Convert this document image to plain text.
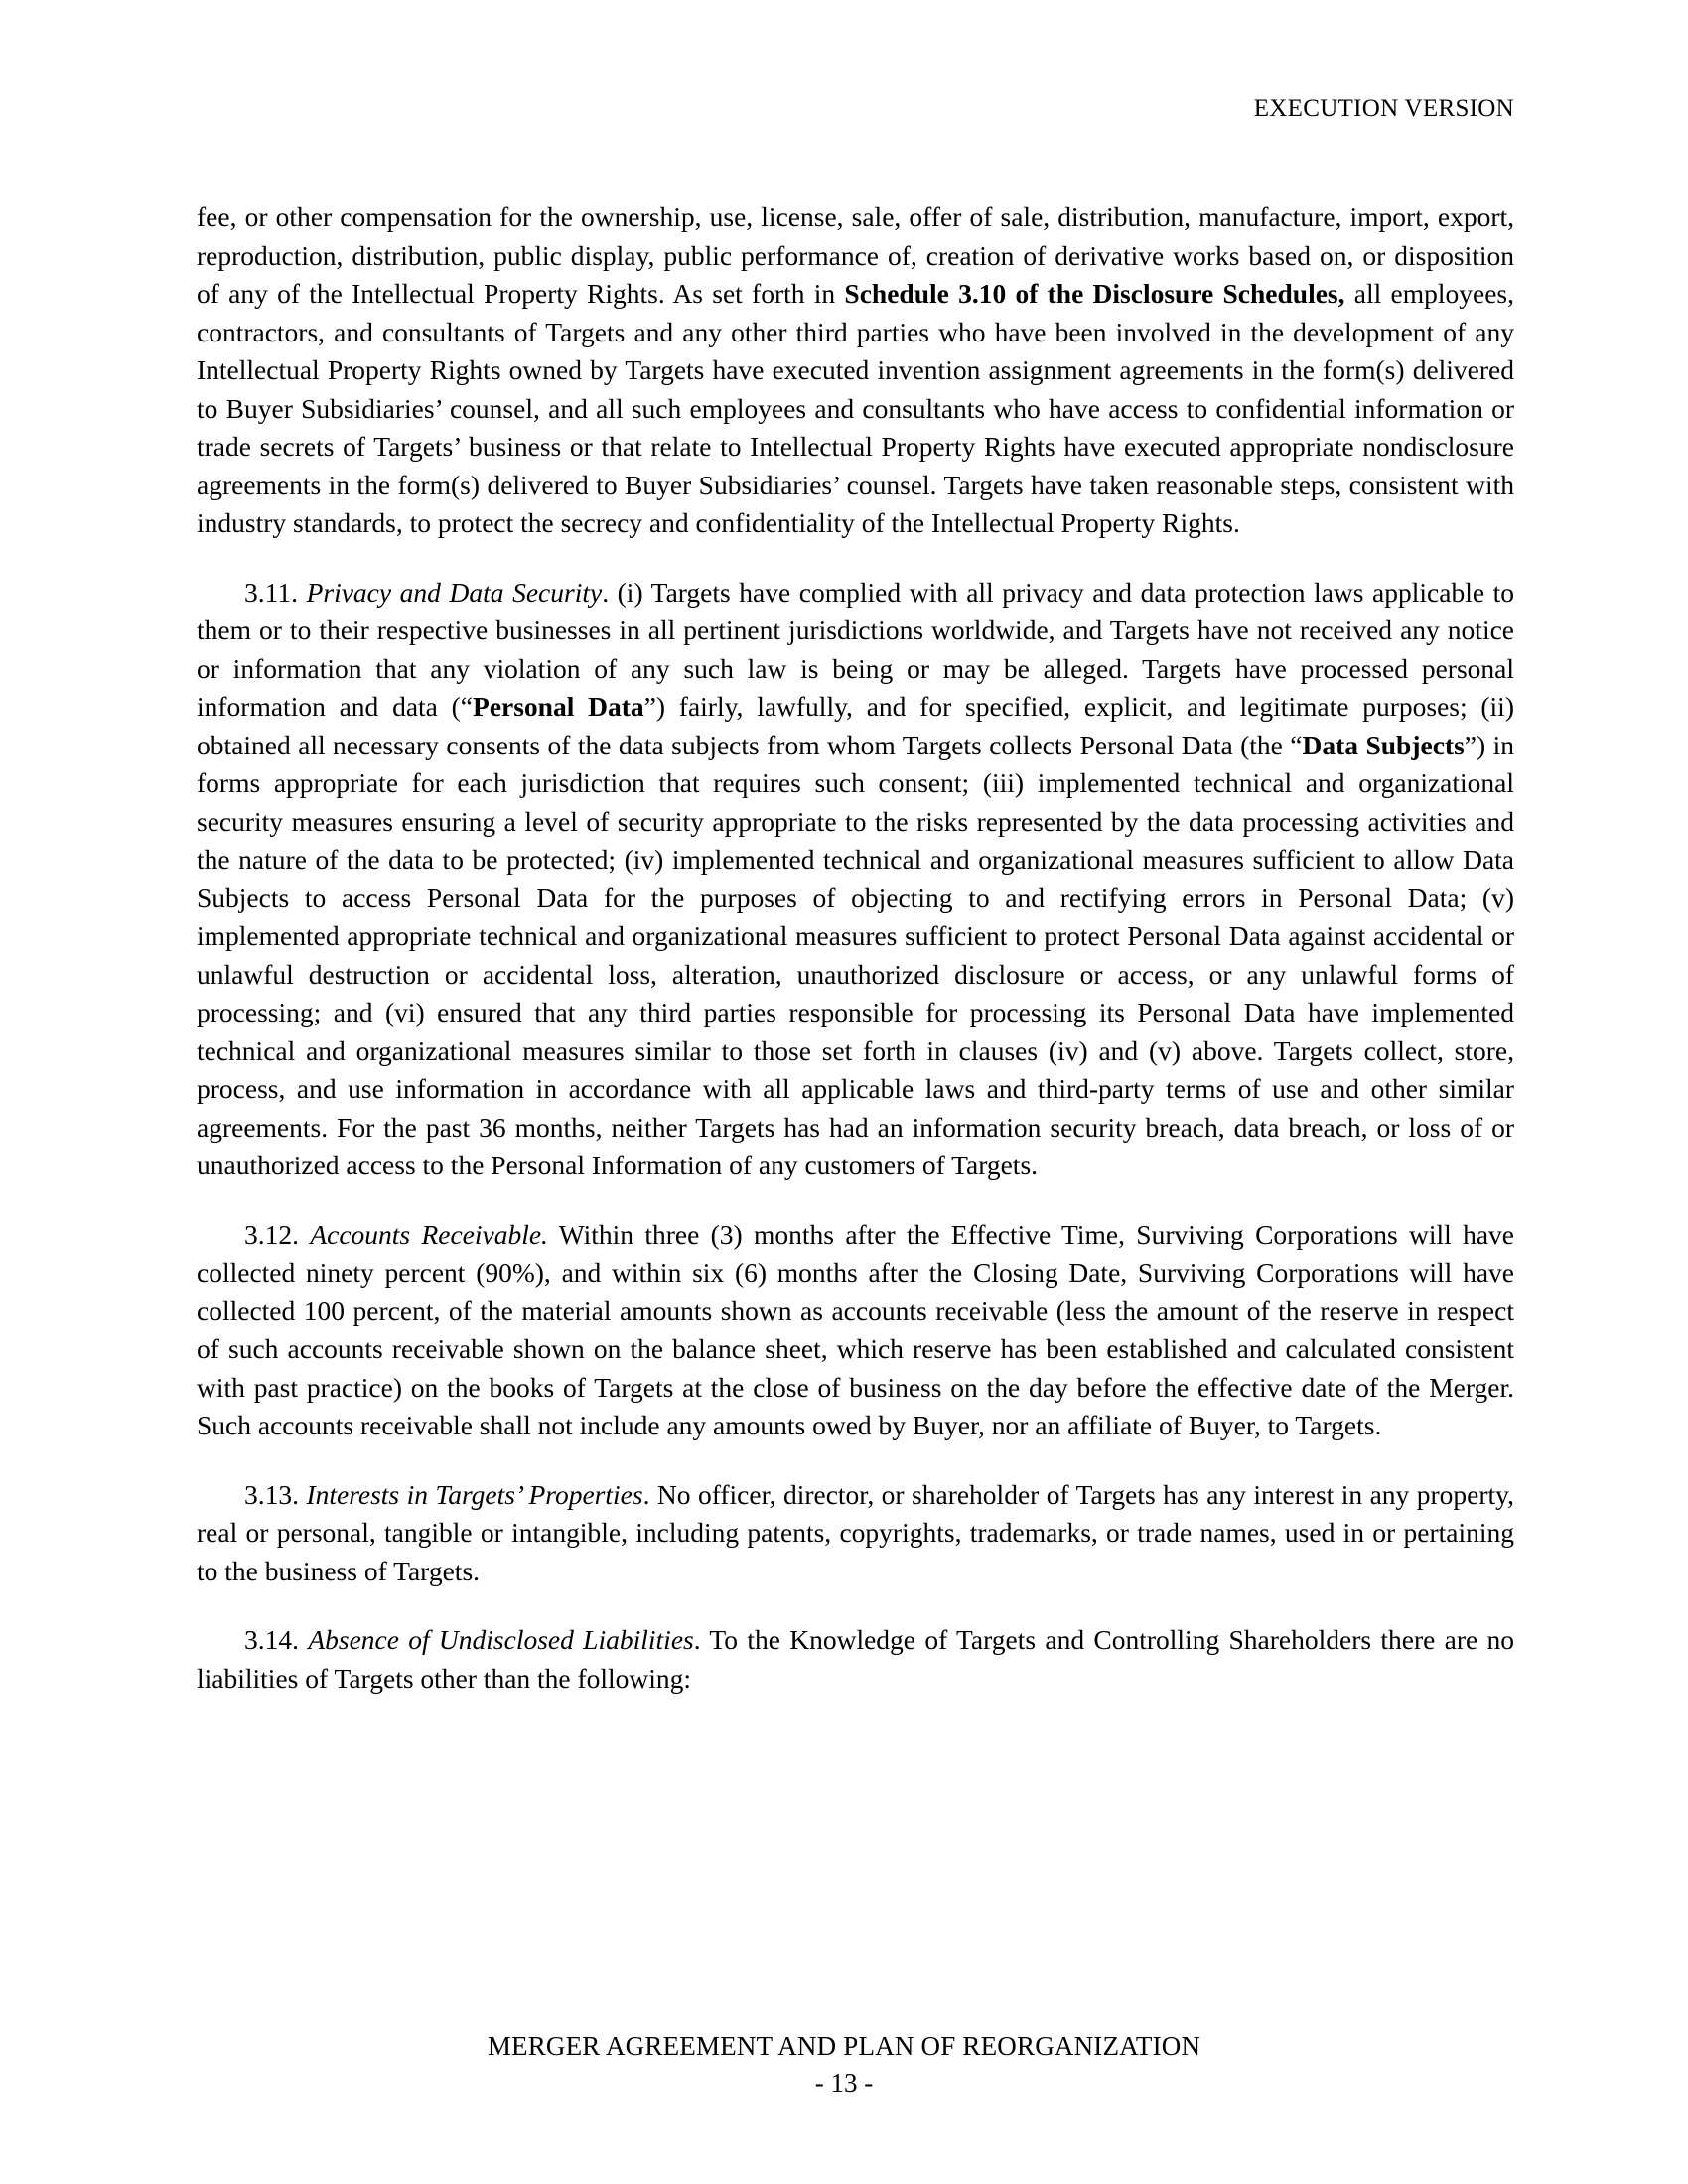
EXECUTION VERSION

fee, or other compensation for the ownership, use, license, sale, offer of sale, distribution, manufacture, import, export, reproduction, distribution, public display, public performance of, creation of derivative works based on, or disposition of any of the Intellectual Property Rights. As set forth in Schedule 3.10 of the Disclosure Schedules, all employees, contractors, and consultants of Targets and any other third parties who have been involved in the development of any Intellectual Property Rights owned by Targets have executed invention assignment agreements in the form(s) delivered to Buyer Subsidiaries’ counsel, and all such employees and consultants who have access to confidential information or trade secrets of Targets’ business or that relate to Intellectual Property Rights have executed appropriate nondisclosure agreements in the form(s) delivered to Buyer Subsidiaries’ counsel. Targets have taken reasonable steps, consistent with industry standards, to protect the secrecy and confidentiality of the Intellectual Property Rights.

3.11. Privacy and Data Security. (i) Targets have complied with all privacy and data protection laws applicable to them or to their respective businesses in all pertinent jurisdictions worldwide, and Targets have not received any notice or information that any violation of any such law is being or may be alleged. Targets have processed personal information and data (“Personal Data”) fairly, lawfully, and for specified, explicit, and legitimate purposes; (ii) obtained all necessary consents of the data subjects from whom Targets collects Personal Data (the “Data Subjects”) in forms appropriate for each jurisdiction that requires such consent; (iii) implemented technical and organizational security measures ensuring a level of security appropriate to the risks represented by the data processing activities and the nature of the data to be protected; (iv) implemented technical and organizational measures sufficient to allow Data Subjects to access Personal Data for the purposes of objecting to and rectifying errors in Personal Data; (v) implemented appropriate technical and organizational measures sufficient to protect Personal Data against accidental or unlawful destruction or accidental loss, alteration, unauthorized disclosure or access, or any unlawful forms of processing; and (vi) ensured that any third parties responsible for processing its Personal Data have implemented technical and organizational measures similar to those set forth in clauses (iv) and (v) above. Targets collect, store, process, and use information in accordance with all applicable laws and third-party terms of use and other similar agreements. For the past 36 months, neither Targets has had an information security breach, data breach, or loss of or unauthorized access to the Personal Information of any customers of Targets.

3.12. Accounts Receivable. Within three (3) months after the Effective Time, Surviving Corporations will have collected ninety percent (90%), and within six (6) months after the Closing Date, Surviving Corporations will have collected 100 percent, of the material amounts shown as accounts receivable (less the amount of the reserve in respect of such accounts receivable shown on the balance sheet, which reserve has been established and calculated consistent with past practice) on the books of Targets at the close of business on the day before the effective date of the Merger. Such accounts receivable shall not include any amounts owed by Buyer, nor an affiliate of Buyer, to Targets.

3.13. Interests in Targets’ Properties. No officer, director, or shareholder of Targets has any interest in any property, real or personal, tangible or intangible, including patents, copyrights, trademarks, or trade names, used in or pertaining to the business of Targets.

3.14. Absence of Undisclosed Liabilities. To the Knowledge of Targets and Controlling Shareholders there are no liabilities of Targets other than the following:

MERGER AGREEMENT AND PLAN OF REORGANIZATION

- 13 -
